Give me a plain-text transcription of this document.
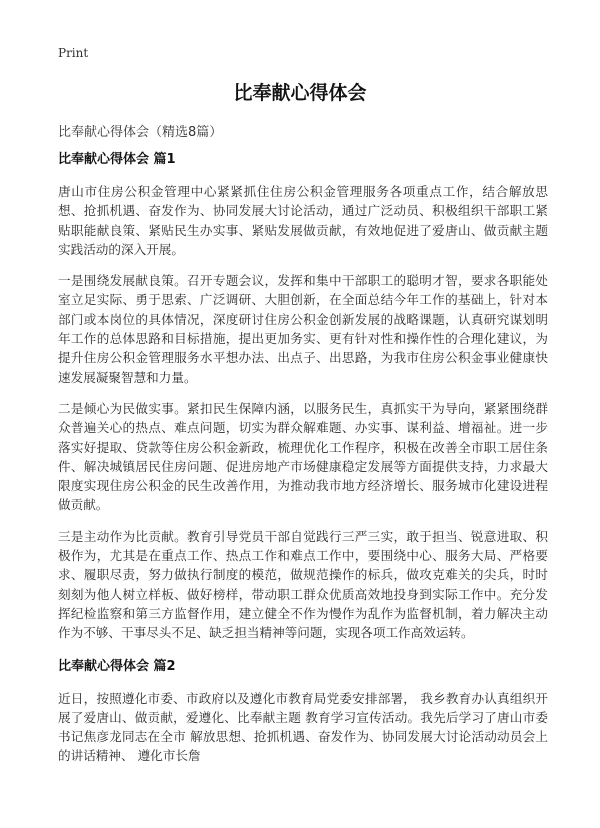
Print
比奉献心得体会
比奉献心得体会（精选8篇）
比奉献心得体会 篇1

唐山市住房公积金管理中心紧紧抓住住房公积金管理服务各项重点工作，结合解放思想、抢抓机遇、奋发作为、协同发展大讨论活动，通过广泛动员、积极组织干部职工紧贴职能献良策、紧贴民生办实事、紧贴发展做贡献，有效地促进了爱唐山、做贡献主题实践活动的深入开展。

一是围绕发展献良策。召开专题会议，发挥和集中干部职工的聪明才智，要求各职能处室立足实际、勇于思索、广泛调研、大胆创新，在全面总结今年工作的基础上，针对本部门或本岗位的具体情况，深度研讨住房公积金创新发展的战略课题，认真研究谋划明年工作的总体思路和目标措施，提出更加务实、更有针对性和操作性的合理化建议，为提升住房公积金管理服务水平想办法、出点子、出思路，为我市住房公积金事业健康快速发展凝聚智慧和力量。

二是倾心为民做实事。紧扣民生保障内涵，以服务民生，真抓实干为导向，紧紧围绕群众普遍关心的热点、难点问题，切实为群众解难题、办实事、谋利益、增福祉。进一步落实好提取、贷款等住房公积金新政，梳理优化工作程序，积极在改善全市职工居住条件、解决城镇居民住房问题、促进房地产市场健康稳定发展等方面提供支持，力求最大限度实现住房公积金的民生改善作用，为推动我市地方经济增长、服务城市化建设进程做贡献。

三是主动作为比贡献。教育引导党员干部自觉践行三严三实，敢于担当、锐意进取、积极作为，尤其是在重点工作、热点工作和难点工作中，要围绕中心、服务大局、严格要求、履职尽责，努力做执行制度的模范，做规范操作的标兵，做攻克难关的尖兵，时时刻刻为他人树立样板、做好榜样，带动职工群众优质高效地投身到实际工作中。充分发挥纪检监察和第三方监督作用，建立健全不作为慢作为乱作为监督机制，着力解决主动作为不够、干事尽头不足、缺乏担当精神等问题，实现各项工作高效运转。

比奉献心得体会 篇2

近日，按照遵化市委、市政府以及遵化市教育局党委安排部署， 我乡教育办认真组织开展了爱唐山、做贡献，爱遵化、比奉献主题 教育学习宣传活动。我先后学习了唐山市委书记焦彦龙同志在全市 解放思想、抢抓机遇、奋发作为、协同发展大讨论活动动员会上 的讲话精神、 遵化市长詹
